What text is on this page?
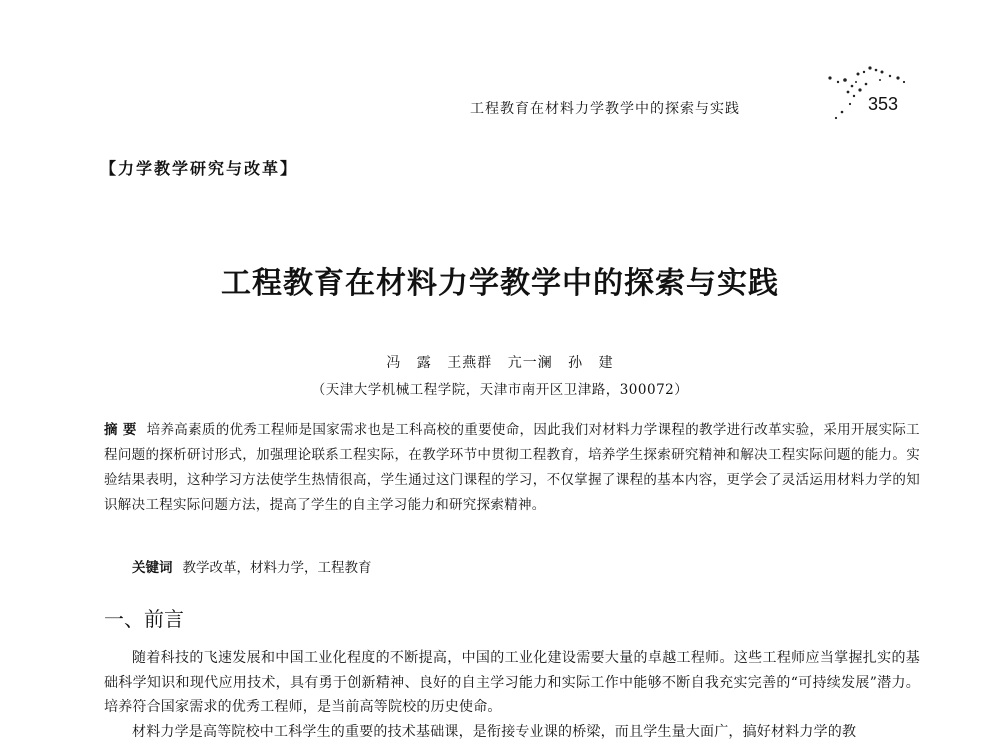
工程教育在材料力学教学中的探索与实践	353
【力学教学研究与改革】
工程教育在材料力学教学中的探索与实践
冯 露 王燕群 亢一澜 孙 建
（天津大学机械工程学院，天津市南开区卫津路，300072）
摘 要 培养高素质的优秀工程师是国家需求也是工科高校的重要使命，因此我们对材料力学课程的教学进行改革实验，采用开展实际工程问题的探析研讨形式，加强理论联系工程实际，在教学环节中贯彻工程教育，培养学生探索研究精神和解决工程实际问题的能力。实验结果表明，这种学习方法使学生热情很高，学生通过这门课程的学习，不仅掌握了课程的基本内容，更学会了灵活运用材料力学的知识解决工程实际问题方法，提高了学生的自主学习能力和研究探索精神。
关键词 教学改革，材料力学，工程教育
一、前言

随着科技的飞速发展和中国工业化程度的不断提高，中国的工业化建设需要大量的卓越工程师。这些工程师应当掌握扎实的基础科学知识和现代应用技术，具有勇于创新精神、良好的自主学习能力和实际工作中能够不断自我充实完善的“可持续发展”潜力。培养符合国家需求的优秀工程师，是当前高等院校的历史使命。

材料力学是高等院校中工科学生的重要的技术基础课，是衔接专业课的桥梁，而且学生量大面广，搞好材料力学的教
